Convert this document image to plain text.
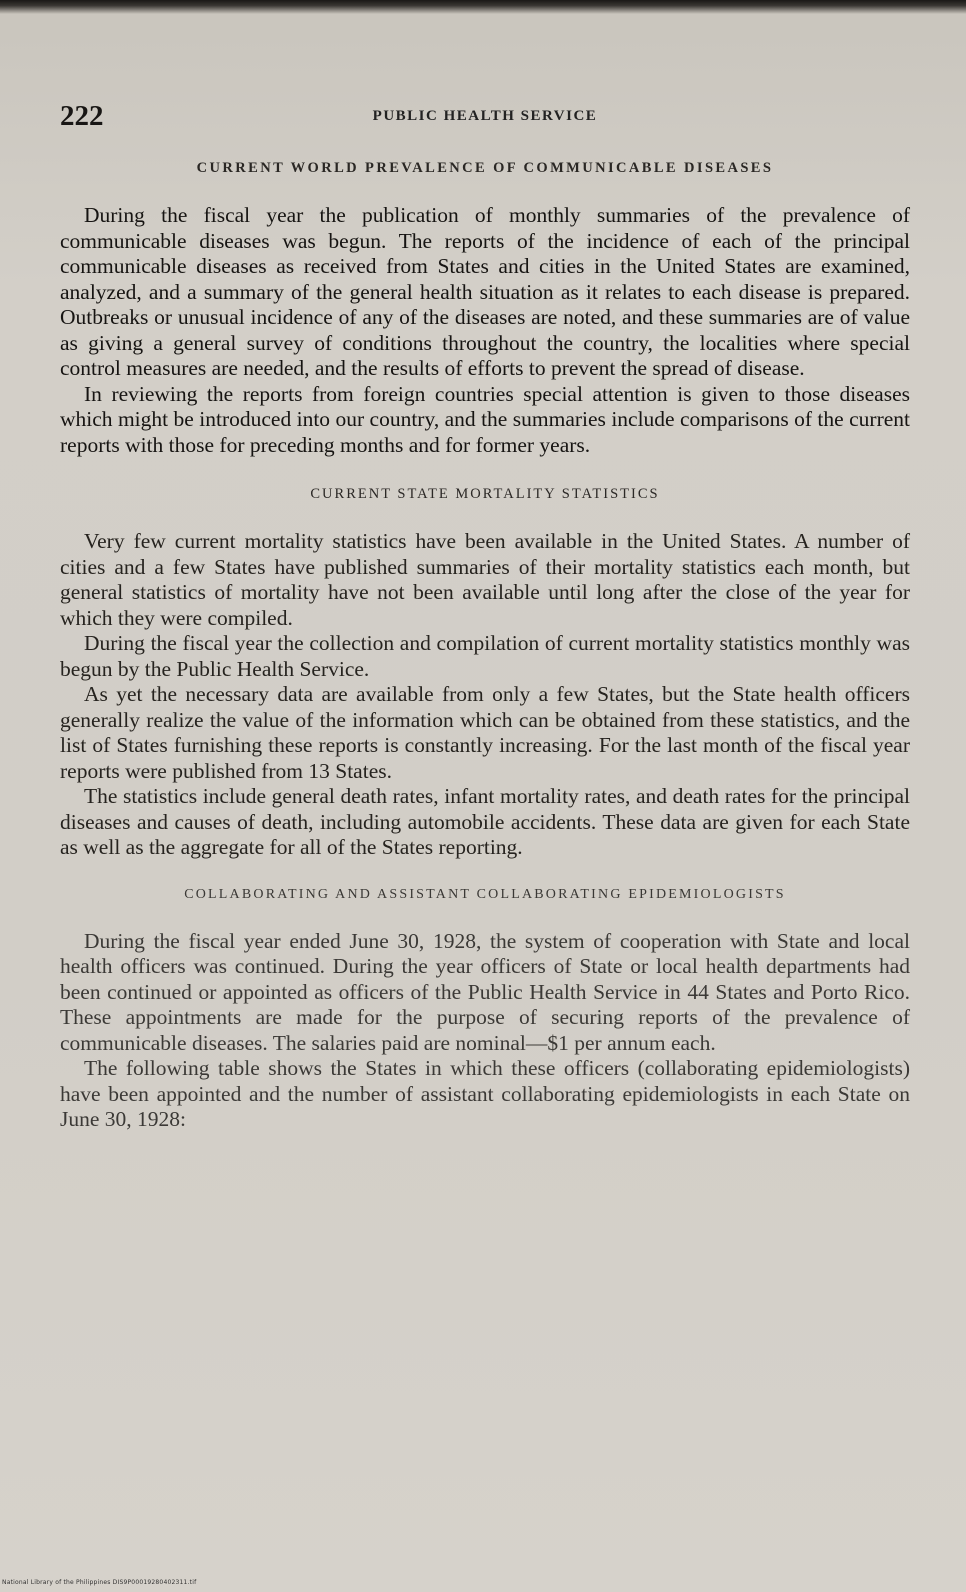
222	PUBLIC HEALTH SERVICE
CURRENT WORLD PREVALENCE OF COMMUNICABLE DISEASES

During the fiscal year the publication of monthly summaries of the prevalence of communicable diseases was begun. The reports of the incidence of each of the principal communicable diseases as received from States and cities in the United States are examined, analyzed, and a summary of the general health situation as it relates to each disease is prepared. Outbreaks or unusual incidence of any of the diseases are noted, and these summaries are of value as giving a general survey of conditions throughout the country, the localities where special control measures are needed, and the results of efforts to prevent the spread of disease.

In reviewing the reports from foreign countries special attention is given to those diseases which might be introduced into our country, and the summaries include comparisons of the current reports with those for preceding months and for former years.

CURRENT STATE MORTALITY STATISTICS

Very few current mortality statistics have been available in the United States. A number of cities and a few States have published summaries of their mortality statistics each month, but general statistics of mortality have not been available until long after the close of the year for which they were compiled.

During the fiscal year the collection and compilation of current mortality statistics monthly was begun by the Public Health Service.

As yet the necessary data are available from only a few States, but the State health officers generally realize the value of the information which can be obtained from these statistics, and the list of States furnishing these reports is constantly increasing. For the last month of the fiscal year reports were published from 13 States.

The statistics include general death rates, infant mortality rates, and death rates for the principal diseases and causes of death, including automobile accidents. These data are given for each State as well as the aggregate for all of the States reporting.

COLLABORATING AND ASSISTANT COLLABORATING EPIDEMIOLOGISTS

During the fiscal year ended June 30, 1928, the system of cooperation with State and local health officers was continued. During the year officers of State or local health departments had been continued or appointed as officers of the Public Health Service in 44 States and Porto Rico. These appointments are made for the purpose of securing reports of the prevalence of communicable diseases. The salaries paid are nominal—$1 per annum each.

The following table shows the States in which these officers (collaborating epidemiologists) have been appointed and the number of assistant collaborating epidemiologists in each State on June 30, 1928:

National Library of the Philippines DIS9P00019280402311.tif
